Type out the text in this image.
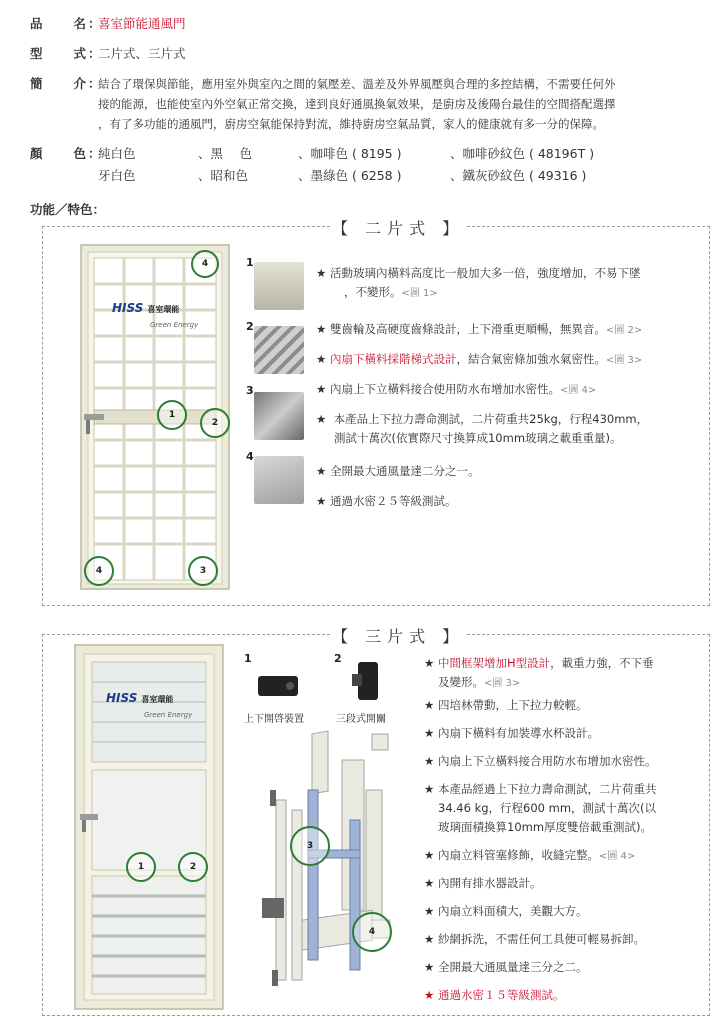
品　　名：
喜室節能通風門
型　　式：
二片式、三片式
簡　　介：
結合了環保與節能，應用室外與室內之間的氣壓差、溫差及外界風壓與合理的多控結構，不需要任何外
接的能源，也能使室內外空氣正常交換，達到良好通風換氣效果，是廚房及後陽台最佳的空間搭配選擇
，有了多功能的通風門，廚房空氣能保持對流，維持廚房空氣品質，家人的健康就有多一分的保障。
顏　　色：
純白色	、黑　 色	、咖啡色 ( 8195 )	、咖啡砂紋色 ( 48196T )
牙白色	、昭和色	、墨綠色 ( 6258 )	、鐵灰砂紋色 ( 49316 )
功能／特色：
【 二片式 】
HISS 喜室環能
Green Energy
4
1
2
4	3
1
2
3
4
★ 活動玻璃內橫料高度比一般加大多一倍，強度增加，不易下墜
，不變形。<圖 1>
★ 雙齒輪及高硬度齒條設計，上下滑重更順暢，無異音。<圖 2>
★ 內扇下橫料採階梯式設計，結合氣密條加強水氣密性。<圖 3>
★ 內扇上下立橫料接合使用防水布增加水密性。<圖 4>
★ 本產品上下拉力壽命測試，二片荷重共25kg，行程430mm，
測試十萬次(依實際尺寸換算成10mm玻璃之載重重量)。
★ 全開最大通風量達二分之一。
★ 通過水密２５等級測試。
【 三片式 】
HISS 喜室環能
Green Energy
1	2
1
上下開啓裝置
2
三段式開關
3
4
★ 中間框架增加H型設計，載重力強，不下垂
及變形。<圖 3>
★ 四培林帶動，上下拉力較輕。
★ 內扇下橫料有加裝導水杯設計。
★ 內扇上下立橫料接合用防水布增加水密性。
★ 本產品經過上下拉力壽命測試，二片荷重共
34.46 kg，行程600 mm，測試十萬次(以
玻璃面積換算10mm厚度雙倍載重測試)。
★ 內扇立料管塞修飾，收縫完整。<圖 4>
★ 內開有排水器設計。
★ 內扇立料面積大，美觀大方。
★ 紗網拆洗，不需任何工具便可輕易拆卸。
★ 全開最大通風量達三分之二。
★ 通過水密１５等級測試。
